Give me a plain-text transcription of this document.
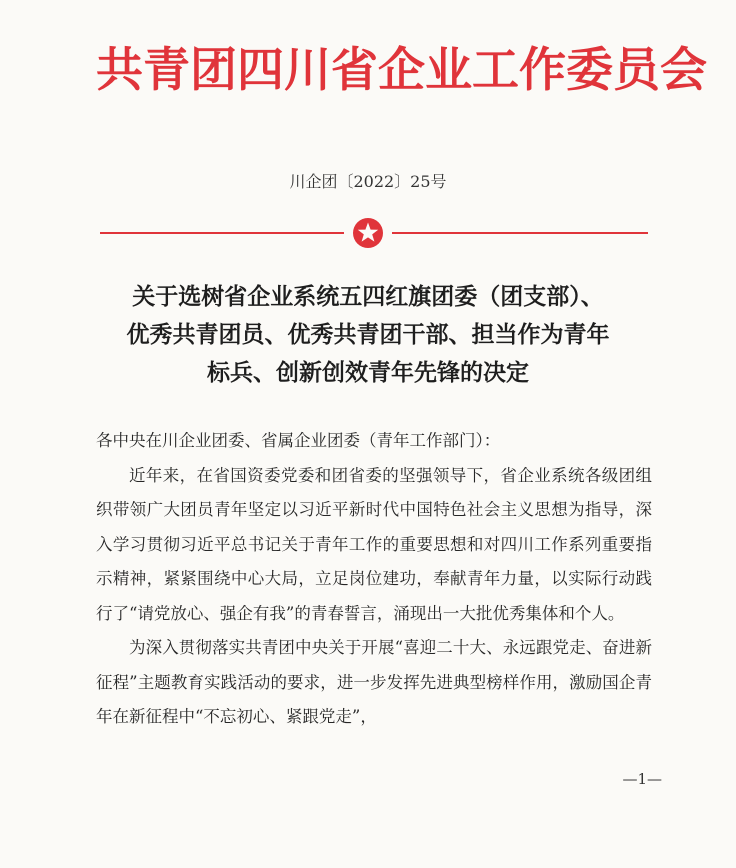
共青团四川省企业工作委员会
川企团〔2022〕25号
关于选树省企业系统五四红旗团委（团支部）、
优秀共青团员、优秀共青团干部、担当作为青年
标兵、创新创效青年先锋的决定

各中央在川企业团委、省属企业团委（青年工作部门）：

近年来，在省国资委党委和团省委的坚强领导下，省企业系统各级团组织带领广大团员青年坚定以习近平新时代中国特色社会主义思想为指导，深入学习贯彻习近平总书记关于青年工作的重要思想和对四川工作系列重要指示精神，紧紧围绕中心大局，立足岗位建功，奉献青年力量，以实际行动践行了“请党放心、强企有我”的青春誓言，涌现出一大批优秀集体和个人。

为深入贯彻落实共青团中央关于开展“喜迎二十大、永远跟党走、奋进新征程”主题教育实践活动的要求，进一步发挥先进典型榜样作用，激励国企青年在新征程中“不忘初心、紧跟党走”，

—1—
